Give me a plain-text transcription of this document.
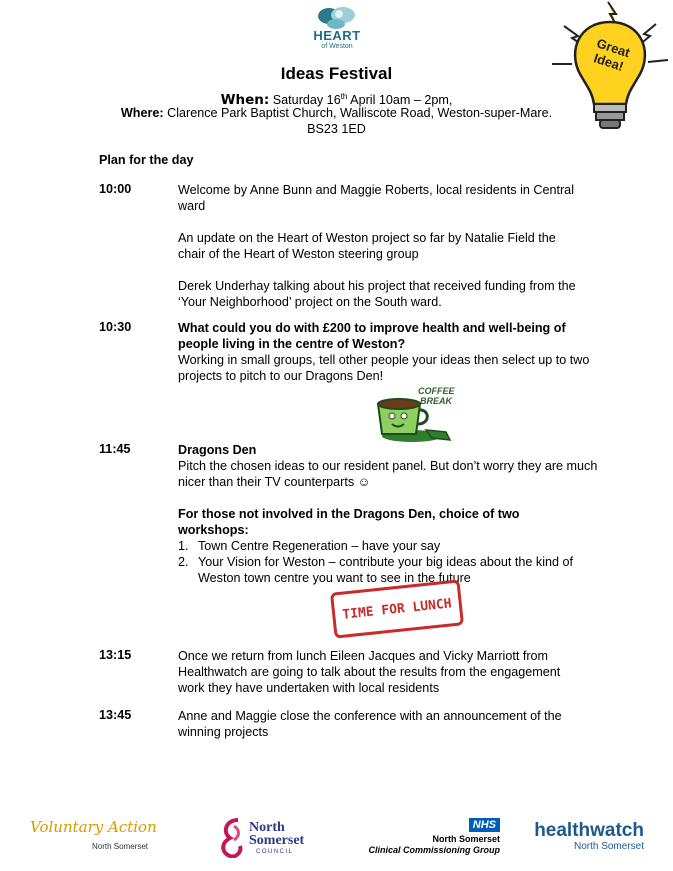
HEART
of Weston	Great Idea!
Ideas Festival
When: Saturday 16th April 10am – 2pm,
Where: Clarence Park Baptist Church, Walliscote Road, Weston-super-Mare.
BS23 1ED
Plan for the day
10:00	Welcome by Anne Bunn and Maggie Roberts, local residents in Central ward

An update on the Heart of Weston project so far by Natalie Field the chair of the Heart of Weston steering group

Derek Underhay talking about his project that received funding from the ‘Your Neighborhood’ project on the South ward.

10:30	What could you do with £200 to improve health and well-being of people living in the centre of Weston?

Working in small groups, tell other people your ideas then select up to two projects to pitch to our Dragons Den!

COFFEE
BREAK
11:45	Dragons Den

Pitch the chosen ideas to our resident panel. But don’t worry they are much nicer than their TV counterparts ☺

For those not involved in the Dragons Den, choice of two workshops:

1. Town Centre Regeneration – have your say
2. Your Vision for Weston – contribute your big ideas about the kind of Weston town centre you want to see in the future
TIME FOR LUNCH
13:15	Once we return from lunch Eileen Jacques and Vicky Marriott from Healthwatch are going to talk about the results from the engagement work they have undertaken with local residents

13:45	Anne and Maggie close the conference with an announcement of the winning projects

Voluntary Action
North Somerset
North
Somerset
COUNCIL
NHS
North Somerset
Clinical Commissioning Group
healthwatch
North Somerset
